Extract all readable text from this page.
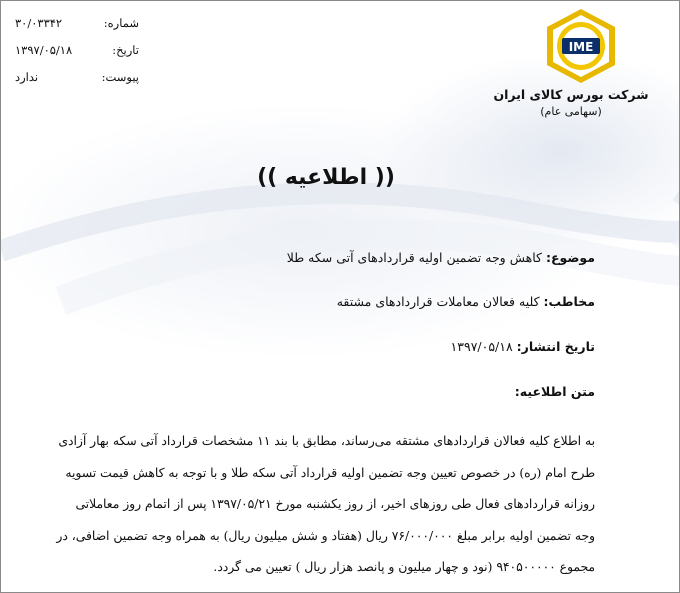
شماره:
۳۰/۰۳۳۴۲
تاریخ:
۱۳۹۷/۰۵/۱۸
پیوست:
ندارد
IME
شرکت بورس کالای ایران
(سهامی عام)
(( اطلاعیه ))
موضوع: کاهش وجه تضمین اولیه قراردادهای آتی سکه طلا
مخاطب: کلیه فعالان معاملات قراردادهای مشتقه
تاریخ انتشار: ۱۳۹۷/۰۵/۱۸
متن اطلاعیه:

به اطلاع کلیه فعالان قراردادهای مشتقه می‌رساند، مطابق با بند ۱۱ مشخصات قرارداد آتی سکه بهار آزادی

طرح امام (ره) در خصوص تعیین وجه تضمین اولیه قرارداد آتی سکه طلا و با توجه به کاهش قیمت تسویه

روزانه قراردادهای فعال طی روزهای اخیر، از روز یکشنبه مورخ ۱۳۹۷/۰۵/۲۱ پس از اتمام روز معاملاتی

وجه تضمین اولیه برابر مبلغ ۷۶/۰۰۰/۰۰۰ ریال (هفتاد و شش میلیون ریال) به همراه وجه تضمین اضافی، در

مجموع ۹۴۰۵۰۰۰۰۰ (نود و چهار میلیون و پانصد هزار ریال ) تعیین می گردد.
